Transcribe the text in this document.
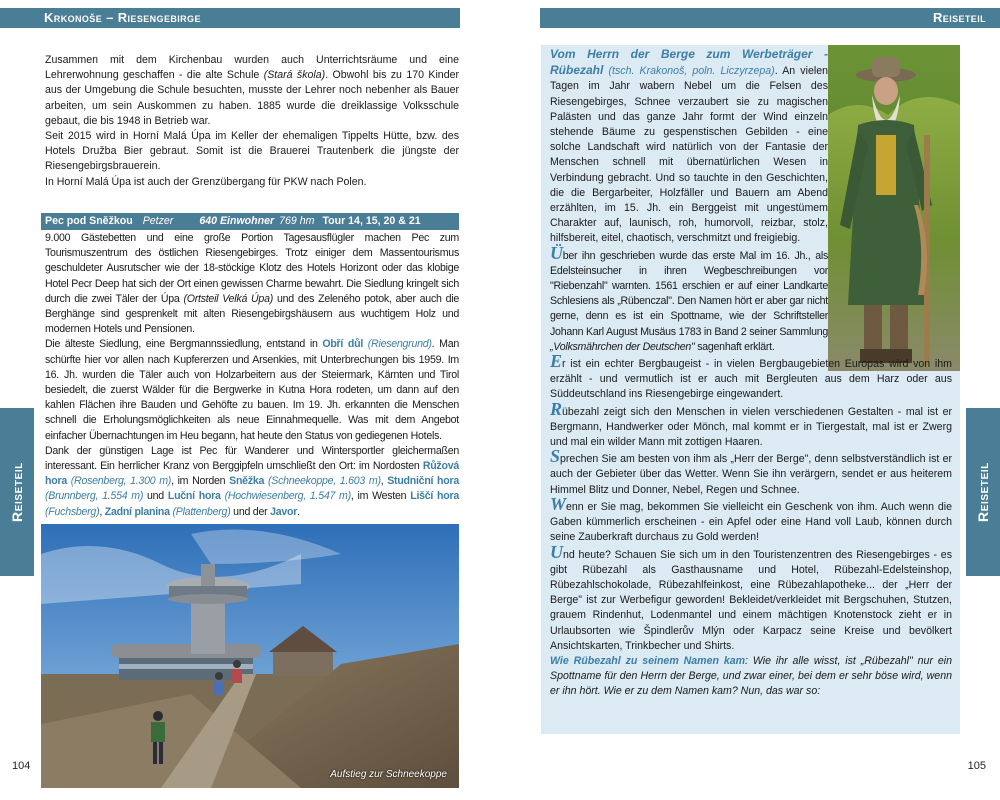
Krkonoše – Riesengebirge

Zusammen mit dem Kirchenbau wurden auch Unterrichtsräume und eine Lehrerwohnung geschaffen - die alte Schule (Stará škola). Obwohl bis zu 170 Kinder aus der Umgebung die Schule besuchten, musste der Lehrer noch nebenher als Bauer arbeiten, um sein Auskommen zu haben. 1885 wurde die dreiklassige Volksschule gebaut, die bis 1948 in Betrieb war.

Seit 2015 wird in Horní Malá Úpa im Keller der ehemaligen Tippelts Hütte, bzw. des Hotels Družba Bier gebraut. Somit ist die Brauerei Trautenberk die jüngste der Riesengebirgsbrauerein.

In Horní Malá Úpa ist auch der Grenzübergang für PKW nach Polen.

Pec pod Sněžkou Petzer 640 Einwohner 769 hm Tour 14, 15, 20 & 21

9.000 Gästebetten und eine große Portion Tagesausflügler machen Pec zum Tourismuszentrum des östlichen Riesengebirges. Trotz einiger dem Massentourismus geschuldeter Ausrutscher wie der 18-stöckige Klotz des Hotels Horizont oder das klobige Hotel Pecr Deep hat sich der Ort einen gewissen Charme bewahrt. Die Siedlung kringelt sich durch die zwei Täler der Úpa (Ortsteil Velká Úpa) und des Zeleného potok, aber auch die Berghänge sind gesprenkelt mit alten Riesengebirgshäusern aus wuchtigem Holz und modernen Hotels und Pensionen.

Die älteste Siedlung, eine Bergmannssiedlung, entstand in Obří důl (Riesengrund). Man schürfte hier vor allen nach Kupfererzen und Arsenkies, mit Unterbrechungen bis 1959. Im 16. Jh. wurden die Täler auch von Holzarbeitern aus der Steiermark, Kärnten und Tirol besiedelt, die zuerst Wälder für die Bergwerke in Kutna Hora rodeten, um dann auf den kahlen Flächen ihre Bauden und Gehöfte zu bauen. Im 19. Jh. erkannten die Menschen schnell die Erholungsmöglichkeiten als neue Einnahmequelle. Was mit dem Angebot einfacher Übernachtungen im Heu begann, hat heute den Status von gediegenen Hotels.

Dank der günstigen Lage ist Pec für Wanderer und Wintersportler gleichermaßen interessant. Ein herrlicher Kranz von Berggipfeln umschließt den Ort: im Nordosten Růžová hora (Rosenberg, 1.300 m), im Norden Sněžka (Schneekoppe, 1.603 m), Studniční hora (Brunnberg, 1.554 m) und Luční hora (Hochwiesenberg, 1.547 m), im Westen Liščí hora (Fuchsberg), Zadní planina (Plattenberg) und der Javor.

Aufstieg zur Schneekoppe
Reiseteil
104
Reiseteil

Vom Herrn der Berge zum Werbeträger - Rübezahl (tsch. Krakonoš, poln. Liczyrzepa). An vielen Tagen im Jahr wabern Nebel um die Felsen des Riesengebirges, Schnee verzaubert sie zu magischen Palästen und das ganze Jahr formt der Wind einzeln stehende Bäume zu gespenstischen Gebilden - eine solche Landschaft wird natürlich von der Fantasie der Menschen schnell mit übernatürlichen Wesen in Verbindung gebracht. Und so tauchte in den Geschichten, die die Bergarbeiter, Holzfäller und Bauern am Abend erzählten, im 15. Jh. ein Berggeist mit ungestümem Charakter auf, launisch, roh, humorvoll, reizbar, stolz, hilfsbereit, eitel, chaotisch, verschmitzt und freigiebig.

Über ihn geschrieben wurde das erste Mal im 16. Jh., als Edelsteinsucher in ihren Wegbeschreibungen vor "Riebenzahl" warnten. 1561 erschien er auf einer Landkarte Schlesiens als „Rübenczal". Den Namen hört er aber gar nicht gerne, denn es ist ein Spottname, wie der Schriftsteller Johann Karl August Musäus 1783 in Band 2 seiner Sammlung „Volksmährchen der Deutschen" sagenhaft erklärt.

Er ist ein echter Bergbaugeist - in vielen Bergbaugebieten Europas wird von ihm erzählt - und vermutlich ist er auch mit Bergleuten aus dem Harz oder aus Süddeutschland ins Riesengebirge eingewandert.

Rübezahl zeigt sich den Menschen in vielen verschiedenen Gestalten - mal ist er Bergmann, Handwerker oder Mönch, mal kommt er in Tiergestalt, mal ist er Zwerg und mal ein wilder Mann mit zottigen Haaren.

Sprechen Sie am besten von ihm als „Herr der Berge", denn selbstverständlich ist er auch der Gebieter über das Wetter. Wenn Sie ihn verärgern, sendet er aus heiterem Himmel Blitz und Donner, Nebel, Regen und Schnee.

Wenn er Sie mag, bekommen Sie vielleicht ein Geschenk von ihm. Auch wenn die Gaben kümmerlich erscheinen - ein Apfel oder eine Hand voll Laub, können durch seine Zauberkraft durchaus zu Gold werden!

Und heute? Schauen Sie sich um in den Touristenzentren des Riesengebirges - es gibt Rübezahl als Gasthausname und Hotel, Rübezahl-Edelsteinshop, Rübezahlschokolade, Rübezahlfeinkost, eine Rübezahlapotheke... der „Herr der Berge" ist zur Werbefigur geworden! Bekleidet/verkleidet mit Bergschuhen, Stutzen, grauem Rindenhut, Lodenmantel und einem mächtigen Knotenstock zieht er in Urlaubsorten wie Špindlerův Mlýn oder Karpacz seine Kreise und bevölkert Ansichtskarten, Trinkbecher und Shirts.

Wie Rübezahl zu seinem Namen kam: Wie ihr alle wisst, ist „Rübezahl" nur ein Spottname für den Herrn der Berge, und zwar einer, bei dem er sehr böse wird, wenn er ihn hört. Wie er zu dem Namen kam? Nun, das war so:

Reiseteil
105
